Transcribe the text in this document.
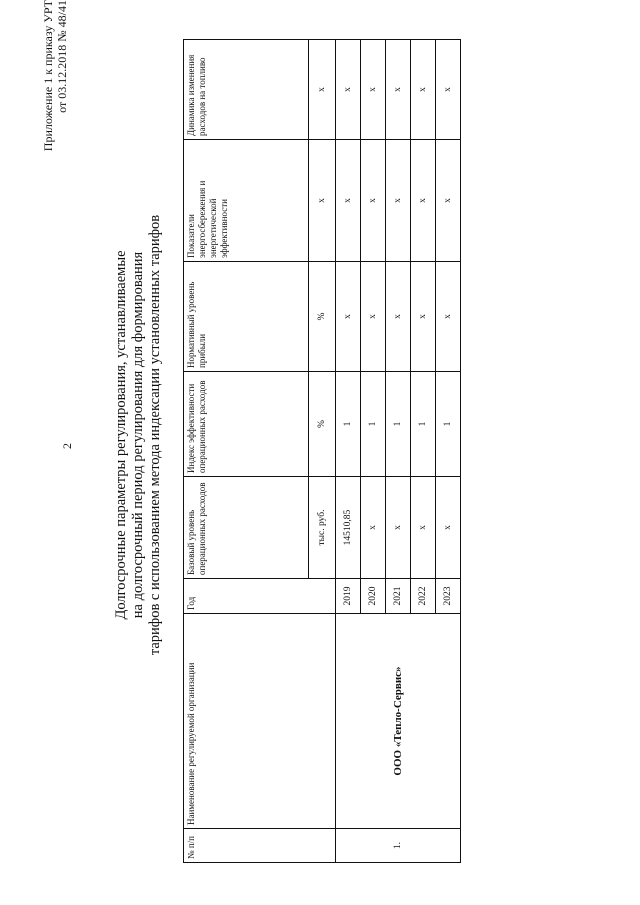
Приложение 1 к приказу УРТ от 03.12.2018 № 48/41
Долгосрочные параметры регулирования, устанавливаемые на долгосрочный период регулирования для формирования тарифов с использованием метода индексации установленных тарифов
№ п/п	Наименование регулируемой организации	Год	Базовый уровень операционных расходов	Индекс эффективности операционных расходов	Нормативный уровень прибыли	Показатели энергосбережения и энергетической эффективности	Динамика изменения расходов на топливо
			тыс. руб.	%	%	х	х
1.	ООО «Тепло-Сервис»	2019	14510,85	1	х	х	х
		2020	х	1	х	х	х
		2021	х	1	х	х	х
		2022	х	1	х	х	х
		2023	х	1	х	х	х
2
